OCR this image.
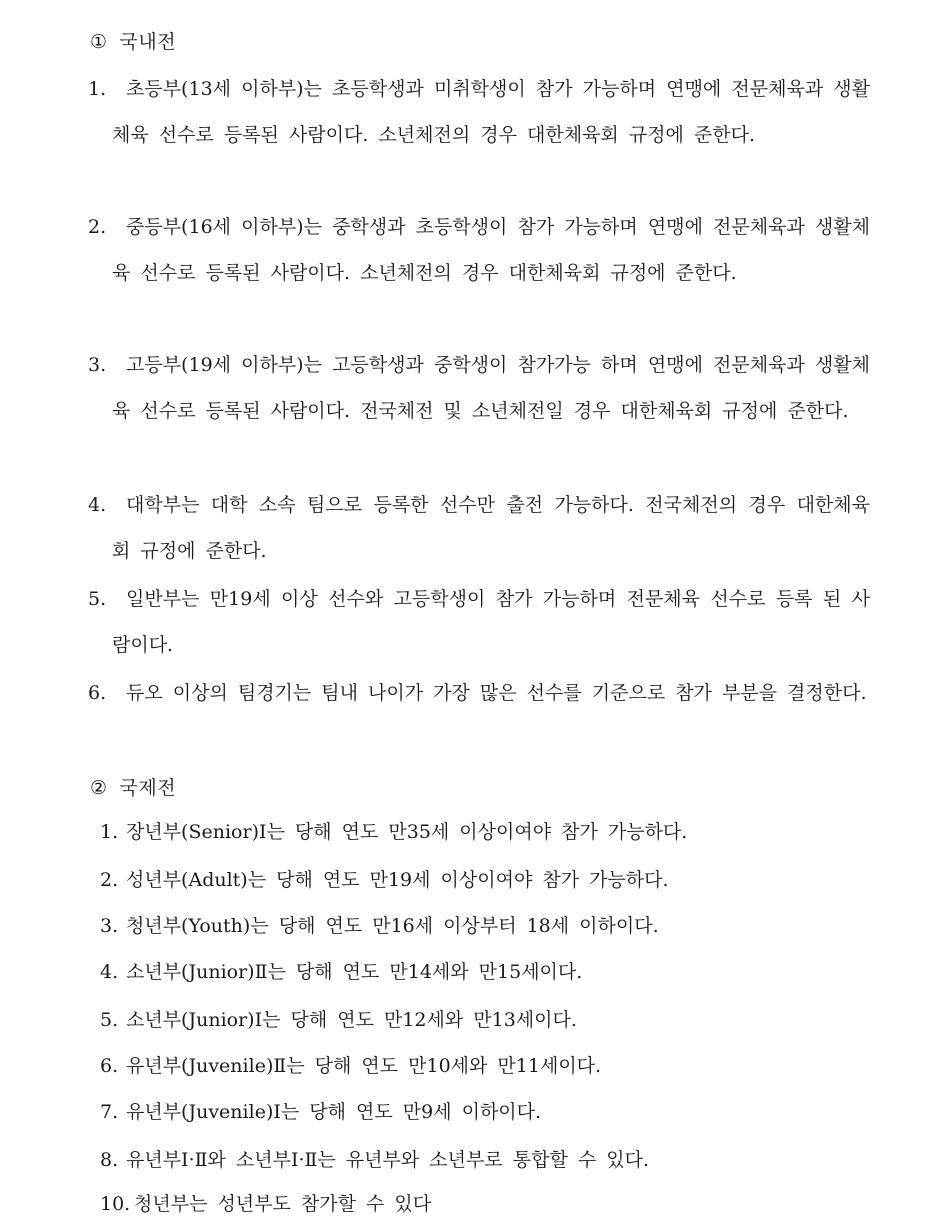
① 국내전
1. 초등부(13세 이하부)는 초등학생과 미취학생이 참가 가능하며 연맹에 전문체육과 생활체육 선수로 등록된 사람이다. 소년체전의 경우 대한체육회 규정에 준한다.
2. 중등부(16세 이하부)는 중학생과 초등학생이 참가 가능하며 연맹에 전문체육과 생활체육 선수로 등록된 사람이다. 소년체전의 경우 대한체육회 규정에 준한다.
3. 고등부(19세 이하부)는 고등학생과 중학생이 참가가능 하며 연맹에 전문체육과 생활체육 선수로 등록된 사람이다. 전국체전 및 소년체전일 경우 대한체육회 규정에 준한다.
4. 대학부는 대학 소속 팀으로 등록한 선수만 출전 가능하다. 전국체전의 경우 대한체육회 규정에 준한다.
5. 일반부는 만19세 이상 선수와 고등학생이 참가 가능하며 전문체육 선수로 등록 된 사람이다.
6. 듀오 이상의 팀경기는 팀내 나이가 가장 많은 선수를 기준으로 참가 부분을 결정한다.
② 국제전
1. 장년부(Senior)Ⅰ는 당해 연도 만35세 이상이여야 참가 가능하다.
2. 성년부(Adult)는 당해 연도 만19세 이상이여야 참가 가능하다.
3. 청년부(Youth)는 당해 연도 만16세 이상부터 18세 이하이다.
4. 소년부(Junior)Ⅱ는 당해 연도 만14세와 만15세이다.
5. 소년부(Junior)Ⅰ는 당해 연도 만12세와 만13세이다.
6. 유년부(Juvenile)Ⅱ는 당해 연도 만10세와 만11세이다.
7. 유년부(Juvenile)Ⅰ는 당해 연도 만9세 이하이다.
8. 유년부Ⅰ·Ⅱ와 소년부Ⅰ·Ⅱ는 유년부와 소년부로 통합할 수 있다.
10. 청년부는 성년부도 참가할 수 있다
